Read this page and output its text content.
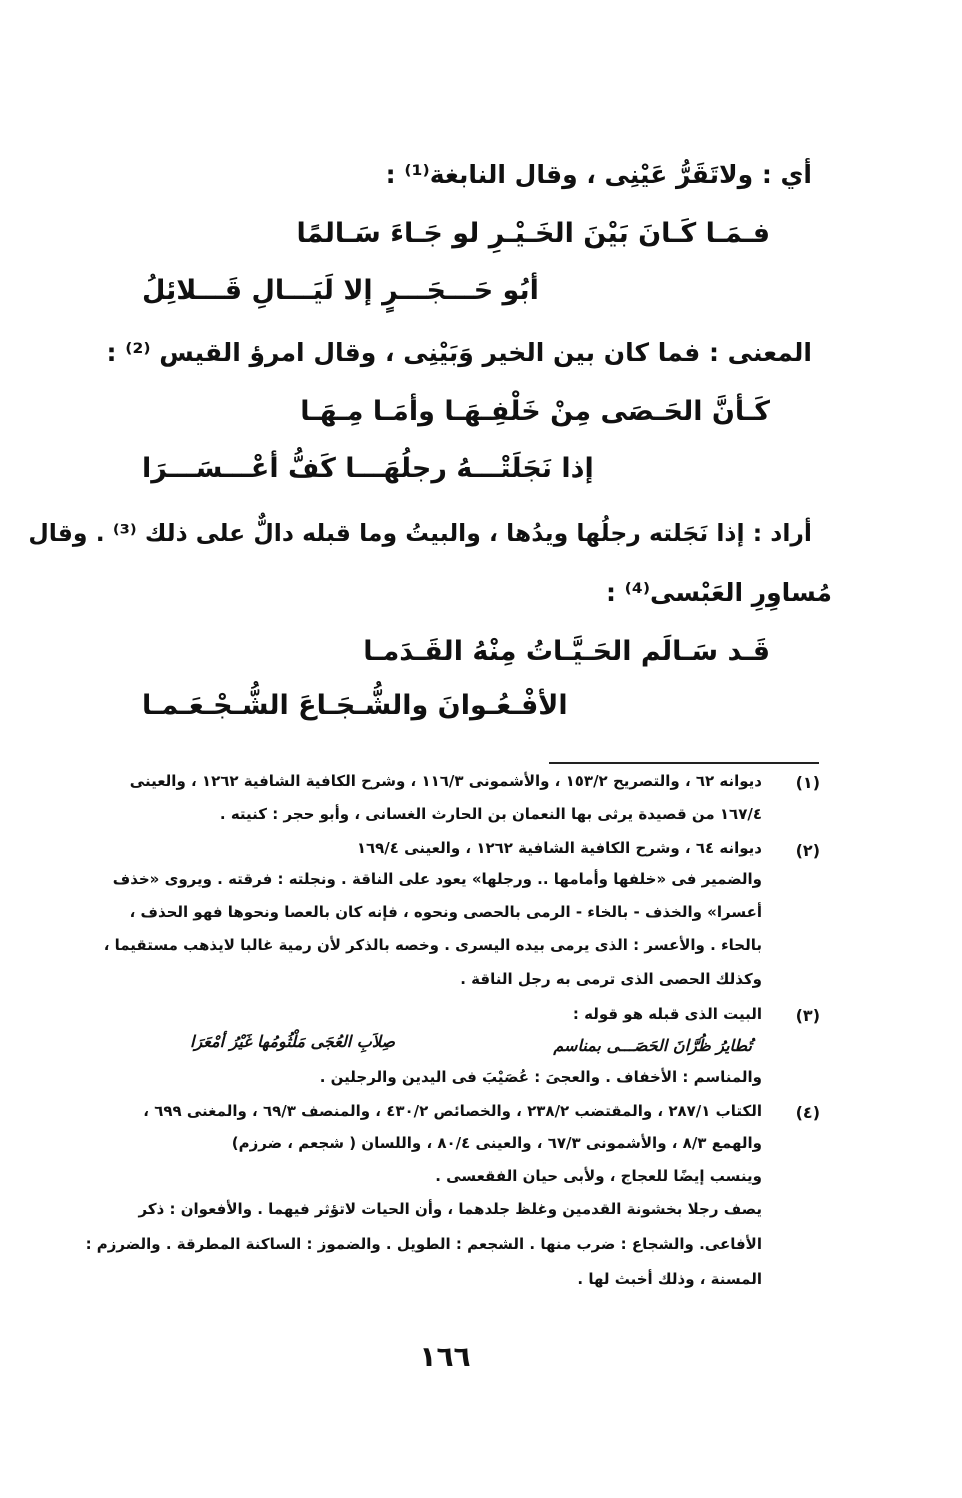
أي : ولاتَقَرُّ عَيْنِى ، وقال النابغة⁽¹⁾ :
فـمَـا كَـانَ بَيْنَ الخَـيْـرِ لو جَـاءَ سَـالمًا
أبُو حَـــجَـــرٍ إلا لَيَـــالِ قَـــلائِلُ
المعنى : فما كان بين الخير وَبَيْنِى ، وقال امرؤ القيس ⁽²⁾ :
كَـأنَّ الحَـصَى مِنْ خَلْفِـهَـا وأمَـا مِـهَـا
إذا نَجَلَتْـــهُ رجلُهَـــا كَفُّ أعْـــسَـــرَا
أراد : إذا نَجَلته رجلُها ويدُها ، والبيتُ وما قبله دالٌّ على ذلك ⁽³⁾ . وقال
مُساوِرِ العَبْسى⁽⁴⁾ :
قَـد سَـالَم الحَـيَّـاتُ مِنْهُ القَـدَمـا
الأفْـعُـوانَ والشُّـجَـاعَ الشُّـجْـعَـمـا
(١)
ديوانه ٦٢ ، والتصريح ١٥٣/٢ ، والأشمونى ١١٦/٣ ، وشرح الكافية الشافية ١٢٦٢ ، والعينى
١٦٧/٤ من قصيدة يرثى بها النعمان بن الحارث الغسانى ، وأبو حجر : كنيته .
(٢)
ديوانه ٦٤ ، وشرح الكافية الشافية ١٢٦٢ ، والعينى ١٦٩/٤
والضمير فى «خلفها وأمامها .. ورجلها» يعود على الناقة . ونجلته : فرقته . ويروى «خذف
أعسرا» والخذف - بالخاء - الرمى بالحصى ونحوه ، فإنه كان بالعصا ونحوها فهو الحذف ،
بالحاء . والأعسر : الذى يرمى بيده اليسرى . وخصه بالذكر لأن رمية غالبا لايذهب مستقيما ،
وكذلك الحصى الذى ترمى به رجل الناقة .
(٣)
البيت الذى قبله هو قوله :
تُطايرُ ظُرَّانَ الحَصَـــى بمناسم
صِلاَبِ العُجَى مَلْثُومُها غَيْرُ أمْعَرَا
والمناسم : الأخفاف . والعجىَ : عُصَيْبَ فى اليدين والرجلين .
(٤)
الكتاب ٢٨٧/١ ، والمقتضب ٢٣٨/٢ ، والخصائص ٤٣٠/٢ ، والمنصف ٦٩/٣ ، والمغنى ٦٩٩ ،
والهمع ٨/٣ ، والأشمونى ٦٧/٣ ، والعينى ٨٠/٤ ، واللسان ( شجعم ، ضرزم)
وينسب إيضًا للعجاج ، ولأبى حيان الفقعسى .
يصف رجلا بخشونة القدمين وغلظ جلدهما ، وأن الحيات لاتؤثر فيهما . والأفعوان : ذكر
الأفاعى. والشجاع : ضرب منها . الشجعم : الطويل . والضموز : الساكنة المطرقة . والضرزم :
المسنة ، وذلك أخبث لها .
١٦٦
